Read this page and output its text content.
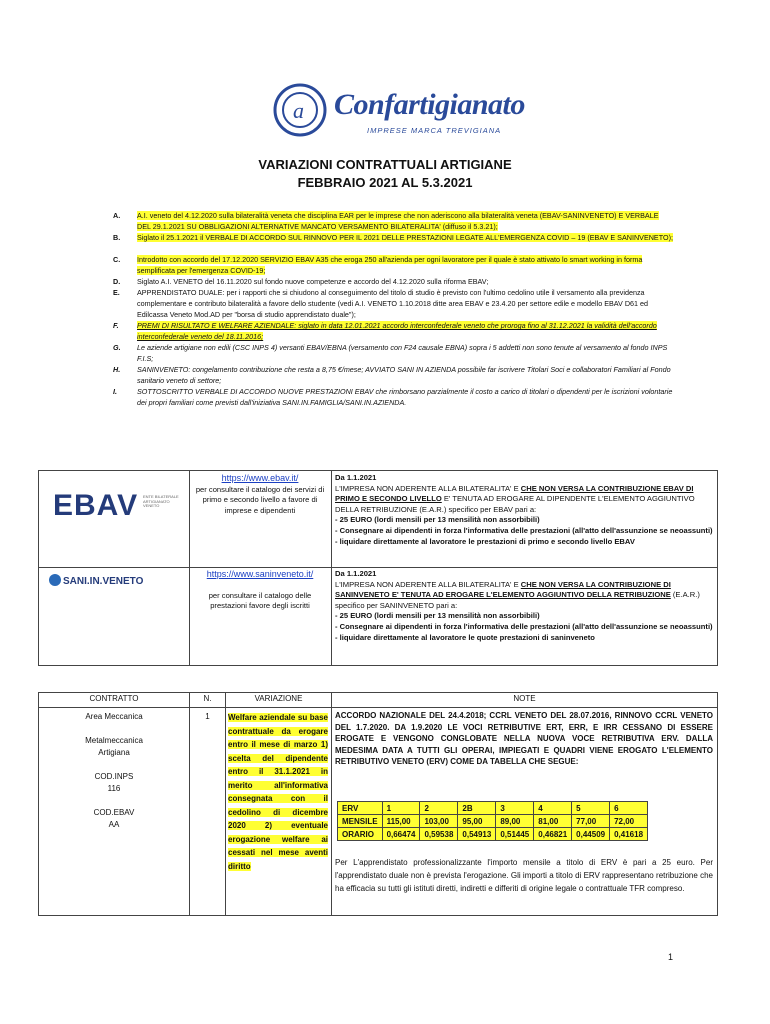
a Confartigianato
IMPRESE MARCA TREVIGIANA
VARIAZIONI CONTRATTUALI ARTIGIANE
FEBBRAIO 2021 AL 5.3.2021
A. A.I. veneto del 4.12.2020 sulla bilateralità veneta che disciplina EAR per le imprese che non aderiscono alla bilateralità veneta (EBAV-SANINVENETO) E VERBALE DEL 29.1.2021 SU OBBLIGAZIONI ALTERNATIVE MANCATO VERSAMENTO BILATERALITA' (diffuso il 5.3.21);
B. Siglato il 25.1.2021 il VERBALE DI ACCORDO SUL RINNOVO PER IL 2021 DELLE PRESTAZIONI LEGATE ALL'EMERGENZA COVID – 19 (EBAV E SANINVENETO);
C. Introdotto con accordo del 17.12.2020 SERVIZIO EBAV A35 che eroga 250 all'azienda per ogni lavoratore per il quale è stato attivato lo smart working in forma semplificata per l'emergenza COVID-19;
D. Siglato A.I. VENETO del 16.11.2020 sul fondo nuove competenze e accordo del 4.12.2020 sulla riforma EBAV;
E. APPRENDISTATO DUALE: per i rapporti che si chiudono al conseguimento del titolo di studio è previsto con l'ultimo cedolino utile il versamento alla previdenza complementare e contributo bilateralità a favore dello studente (vedi A.I. VENETO 1.10.2018 ditte area EBAV e 23.4.20 per settore edile e modello EBAV D61 ed Edilcassa Veneto Mod.AD per "borsa di studio apprendistato duale");
F.	PREMI DI RISULTATO E WELFARE AZIENDALE: siglato in data 12.01.2021 accordo interconfederale veneto che proroga fino al 31.12.2021 la validità dell'accordo interconfederale veneto del 18.11.2016;
G. Le aziende artigiane non edili (CSC INPS 4) versanti EBAV/EBNA (versamento con F24 causale EBNA) sopra i 5 addetti non sono tenute al versamento al fondo INPS F.I.S;
H. SANINVENETO: congelamento contribuzione che resta a 8,75 €/mese; AVVIATO SANI IN AZIENDA possibile far iscrivere Titolari Soci e collaboratori Familiari al Fondo sanitario veneto di settore;
I.	SOTTOSCRITTO VERBALE DI ACCORDO NUOVE PRESTAZIONI EBAV che rimborsano parzialmente il costo a carico di titolari o dipendenti per le iscrizioni volontarie dei propri familiari come previsti dall'iniziativa SANI.IN.FAMIGLIA/SANI.IN.AZIENDA.
EBAV ENTE BILATERALE ARTIGIANATO VENETO
https://www.ebav.it/
per consultare il catalogo dei servizi di primo e secondo livello a favore di imprese e dipendenti
Da 1.1.2021
L'IMPRESA NON ADERENTE ALLA BILATERALITA' E CHE NON VERSA LA CONTRIBUZIONE EBAV DI PRIMO E SECONDO LIVELLO E' TENUTA AD EROGARE AL DIPENDENTE L'ELEMENTO AGGIUNTIVO DELLA RETRIBUZIONE (E.A.R.) specifico per EBAV pari a:
- 25 EURO (lordi mensili per 13 mensilità non assorbibili)
- Consegnare ai dipendenti in forza l'informativa delle prestazioni (all'atto dell'assunzione se neoassunti)
- liquidare direttamente al lavoratore le prestazioni di primo e secondo livello EBAV
SANI.IN.VENETO
https://www.saninveneto.it/

per consultare il catalogo delle prestazioni favore degli iscritti
Da 1.1.2021
L'IMPRESA NON ADERENTE ALLA BILATERALITA' E CHE NON VERSA LA CONTRIBUZIONE DI SANINVENETO E' TENUTA AD EROGARE L'ELEMENTO AGGIUNTIVO DELLA RETRIBUZIONE (E.A.R.) specifico per SANINVENETO pari a:
- 25 EURO (lordi mensili per 13 mensilità non assorbibili)
- Consegnare ai dipendenti in forza l'informativa delle prestazioni (all'atto dell'assunzione se neoassunti)
- liquidare direttamente al lavoratore le quote prestazioni di saninveneto
CONTRATTO	N.	VARIAZIONE	NOTE
Area Meccanica
Metalmeccanica
Artigiana
COD.INPS
116
COD.EBAV
AA
1	Welfare aziendale su base contrattuale da erogare entro il mese di marzo 1) scelta del dipendente entro il 31.1.2021 in merito all'informativa consegnata con il cedolino di dicembre 2020 2) eventuale erogazione welfare ai cessati nel mese aventi diritto
ACCORDO NAZIONALE DEL 24.4.2018; CCRL VENETO DEL 28.07.2016, RINNOVO CCRL VENETO DEL 1.7.2020. DA 1.9.2020 LE VOCI RETRIBUTIVE ERT, ERR, E IRR CESSANO DI ESSERE EROGATE E VENGONO CONGLOBATE NELLA NUOVA VOCE RETRIBUTIVA ERV. DALLA MEDESIMA DATA A TUTTI GLI OPERAI, IMPIEGATI E QUADRI VIENE EROGATO L'ELEMENTO RETRIBUTIVO VENETO (ERV) COME DA TABELLA CHE SEGUE:
ERV	1	2	2B	3	4	5	6
MENSILE	115,00	103,00	95,00	89,00	81,00	77,00	72,00
ORARIO	0,66474	0,59538	0,54913	0,51445	0,46821	0,44509	0,41618
Per L'apprendistato professionalizzante l'importo mensile a titolo di ERV è pari a 25 euro. Per l'apprendistato duale non è prevista l'erogazione. Gli importi a titolo di ERV rappresentano retribuzione che ha efficacia su tutti gli istituti diretti, indiretti e differiti di origine legale o contrattuale TFR compreso.
1
